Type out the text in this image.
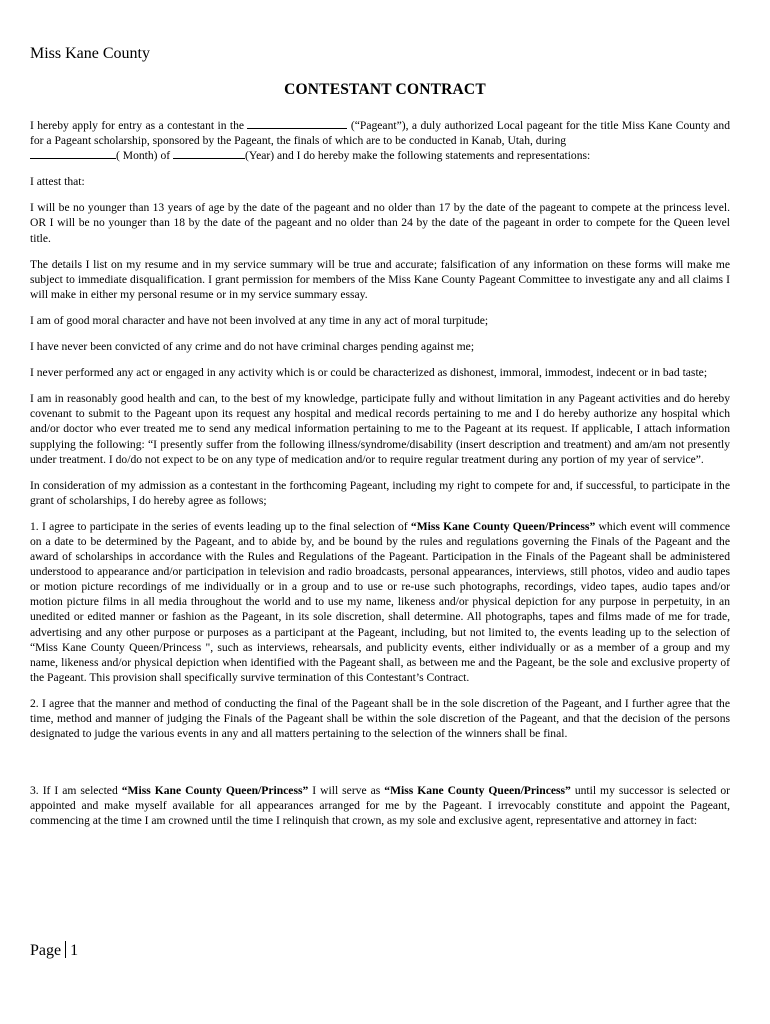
Miss Kane County
CONTESTANT CONTRACT

I hereby apply for entry as a contestant in the	(“Pageant”), a duly authorized Local pageant for the title Miss Kane County and for a Pageant scholarship, sponsored by the Pageant, the finals of which are to be conducted in Kanab, Utah, during
( Month) of	(Year) and I do hereby make the following statements and representations:

I attest that:

I will be no younger than 13 years of age by the date of the pageant and no older than 17 by the date of the pageant to compete at the princess level. OR I will be no younger than 18 by the date of the pageant and no older than 24 by the date of the pageant in order to compete for the Queen level title.

The details I list on my resume and in my service summary will be true and accurate; falsification of any information on these forms will make me subject to immediate disqualification. I grant permission for members of the Miss Kane County Pageant Committee to investigate any and all claims I will make in either my personal resume or in my service summary essay.

I am of good moral character and have not been involved at any time in any act of moral turpitude;

I have never been convicted of any crime and do not have criminal charges pending against me;

I never performed any act or engaged in any activity which is or could be characterized as dishonest, immoral, immodest, indecent or in bad taste;

I am in reasonably good health and can, to the best of my knowledge, participate fully and without limitation in any Pageant activities and do hereby covenant to submit to the Pageant upon its request any hospital and medical records pertaining to me and I do hereby authorize any hospital which and/or doctor who ever treated me to send any medical information pertaining to me to the Pageant at its request. If applicable, I attach information supplying the following: “I presently suffer from the following illness/syndrome/disability (insert description and treatment) and am/am not presently under treatment. I do/do not expect to be on any type of medication and/or to require regular treatment during any portion of my year of service”.

In consideration of my admission as a contestant in the forthcoming Pageant, including my right to compete for and, if successful, to participate in the grant of scholarships, I do hereby agree as follows;

1. I agree to participate in the series of events leading up to the final selection of “Miss Kane County Queen/Princess” which event will commence on a date to be determined by the Pageant, and to abide by, and be bound by the rules and regulations governing the Finals of the Pageant and the award of scholarships in accordance with the Rules and Regulations of the Pageant. Participation in the Finals of the Pageant shall be administered understood to appearance and/or participation in television and radio broadcasts, personal appearances, interviews, still photos, video and audio tapes or motion picture recordings of me individually or in a group and to use or re-use such photographs, recordings, video tapes, audio tapes and/or motion picture films in all media throughout the world and to use my name, likeness and/or physical depiction for any purpose in perpetuity, in an unedited or edited manner or fashion as the Pageant, in its sole discretion, shall determine. All photographs, tapes and films made of me for trade, advertising and any other purpose or purposes as a participant at the Pageant, including, but not limited to, the events leading up to the selection of “Miss Kane County Queen/Princess ", such as interviews, rehearsals, and publicity events, either individually or as a member of a group and my name, likeness and/or physical depiction when identified with the Pageant shall, as between me and the Pageant, be the sole and exclusive property of the Pageant. This provision shall specifically survive termination of this Contestant’s Contract.

2. I agree that the manner and method of conducting the final of the Pageant shall be in the sole discretion of the Pageant, and I further agree that the time, method and manner of judging the Finals of the Pageant shall be within the sole discretion of the Pageant, and that the decision of the persons designated to judge the various events in any and all matters pertaining to the selection of the winners shall be final.

3. If I am selected “Miss Kane County Queen/Princess” I will serve as “Miss Kane County Queen/Princess” until my successor is selected or appointed and make myself available for all appearances arranged for me by the Pageant. I irrevocably constitute and appoint the Pageant, commencing at the time I am crowned until the time I relinquish that crown, as my sole and exclusive agent, representative and attorney in fact:

Page 1
